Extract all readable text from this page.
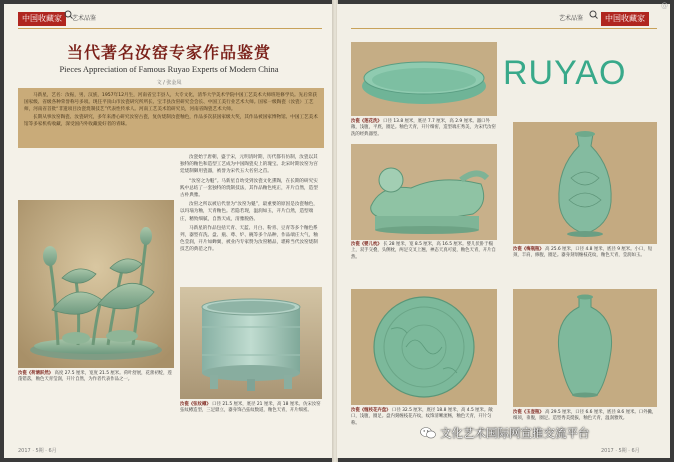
中国收藏家	艺术品鉴
当代著名汝窑专家作品鉴赏
Pieces Appreciation of Famous Ruyao Experts of Modern China
文 / 张金凤

马新星，艺名：汝振，男，汉族，1957年12月生，河南省宝丰县人，大专文化，清华大学美术学院中国工艺美术大师班进修学员。先后荣获国家级、省级各种荣誉称号多项。现任平顶山市汝瓷研究所所长、宝丰县汝窑研究会会长、中国工美行业艺术大师。国家一级陶瓷（汝瓷）工艺师，河南省首批“非遗项目汝瓷烧制技艺”代表性传承人。河南工艺美术馆研究员，河南省陶瓷艺术大师。

长期从事汝窑陶瓷、汝瓷研究，多年来潜心研究汝窑古瓷，复仿烧制汝瓷釉色，作品多次获国家级大奖，其作品被国家博物馆、中国工艺美术馆等多家机构收藏，深受国内外收藏爱好者的青睐。

汝瓷始于唐朝，盛于宋，元明清时期，历代都有仿制，汝瓷以其独特的釉色和造型工艺成为中国陶瓷史上的瑰宝。北宋时期汝窑为宫廷烧制御用瓷器，被誉为宋代五大名窑之首。

“汝窑之为魁”。马新星自幼受到汝瓷文化熏陶，在长期的研究实践中总结了一套独特的烧制技法，其作品釉色纯正，开片自然，造型古朴典雅。

汝窑之所以被后代誉为“汝窑为魁”，最重要的原因是汝瓷釉色，以玛瑙为釉，天青釉色。若隐若现，温润如玉，开片自然，造型端庄，精致细腻，自然天成，清雅脱俗。

马新星的作品包括天青、天蓝、月白、粉青、豆青等多个釉色系列，器型有洗、盘、瓶、尊、炉、碗等多个品种，作品端庄大气，釉色莹润，开片如蝉翼，被业内专家赞为汝窑精品，堪称当代汝窑烧制技艺的典范之作。

汝瓷《荷塘跃然》 高度 27.5 厘米，宽度 21.5 厘米。荷叶舒展，花蕾初绽，莲蓬错落，釉色天青莹润，开片自然，为作者代表作品之一。
汝瓷《弦纹樽》 口径 21.5 厘米，底径 21 厘米，高 18 厘米。仿宋汝窑弦纹樽造型，三足鼎立，器身饰凸弦纹数道，釉色天青，开片细密。
2017 · 5期 · 6月
艺术品鉴	中国收藏家
RUYAO
汝瓷《莲花洗》 口径 13.8 厘米，底径 7.7 厘米，高 2.9 厘米。器口外敞，浅腹，平底，圈足。釉色天青，开片细密，造型端庄秀美，为宋代汝窑洗的经典器型。
汝瓷《婴儿枕》 长 28 厘米，宽 8.5 厘米，高 16.5 厘米。婴儿伏卧于榻上，双手交叠，头侧枕，两足交叉上翘，神态天真可爱，釉色天青，开片自然。
汝瓷《梅瓶瓶》 高 25.6 厘米，口径 4.8 厘米，底径 9 厘米。小口，短颈，丰肩，修腹，圈足。器身刻划缠枝花纹，釉色天青，莹润如玉。
汝瓷《缠枝花卉盘》 口径 32.5 厘米，底径 18.8 厘米，高 4.5 厘米。敞口，浅腹，圈足。盘内刻缠枝花卉纹，纹饰清晰流畅，釉色天青，开片匀称。
汝瓷《玉壶瓶》 高 29.5 厘米，口径 6.6 厘米，底径 8.6 厘米。口外撇，细颈，垂腹，圈足。造型秀美挺拔，釉色天青，温润雅致。
2017 · 5期 · 6月
@
文化艺术国际网宣推交流平台
